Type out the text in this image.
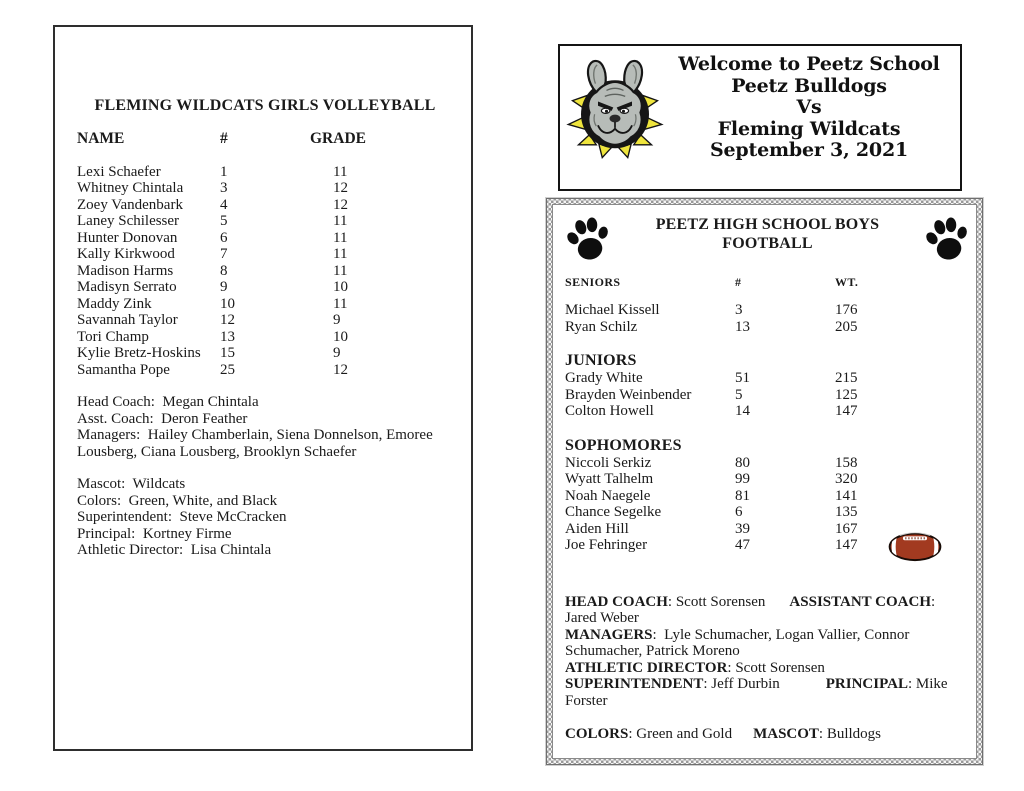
FLEMING WILDCATS GIRLS VOLLEYBALL
NAME	#	GRADE
Lexi Schaefer	1	11
Whitney Chintala	3	12
Zoey Vandenbark	4	12
Laney Schilesser	5	11
Hunter Donovan	6	11
Kally Kirkwood	7	11
Madison Harms	8	11
Madisyn Serrato	9	10
Maddy Zink	10	11
Savannah Taylor	12	9
Tori Champ	13	10
Kylie Bretz-Hoskins	15	9
Samantha Pope	25	12
Head Coach:  Megan Chintala
Asst. Coach:  Deron Feather
Managers:  Hailey Chamberlain, Siena Donnelson, Emoree Lousberg, Ciana Lousberg, Brooklyn Schaefer
Mascot:  Wildcats
Colors:  Green, White, and Black
Superintendent:  Steve McCracken
Principal:  Kortney Firme
Athletic Director:  Lisa Chintala
Welcome to Peetz School
Peetz Bulldogs
Vs
Fleming Wildcats
September 3, 2021
PEETZ HIGH SCHOOL BOYS
FOOTBALL
SENIORS	#	WT.
Michael Kissell	3	176
Ryan Schilz	13	205
JUNIORS
Grady White	51	215
Brayden Weinbender	5	125
Colton Howell	14	147
SOPHOMORES
Niccoli Serkiz	80	158
Wyatt Talhelm	99	320
Noah Naegele	81	141
Chance Segelke	6	135
Aiden Hill	39	167
Joe Fehringer	47	147
HEAD COACH: Scott Sorensen ASSISTANT COACH: Jared Weber
MANAGERS:  Lyle Schumacher, Logan Vallier, Connor Schumacher, Patrick Moreno
ATHLETIC DIRECTOR: Scott Sorensen
SUPERINTENDENT: Jeff Durbin	PRINCIPAL: Mike Forster
COLORS: Green and Gold MASCOT: Bulldogs
